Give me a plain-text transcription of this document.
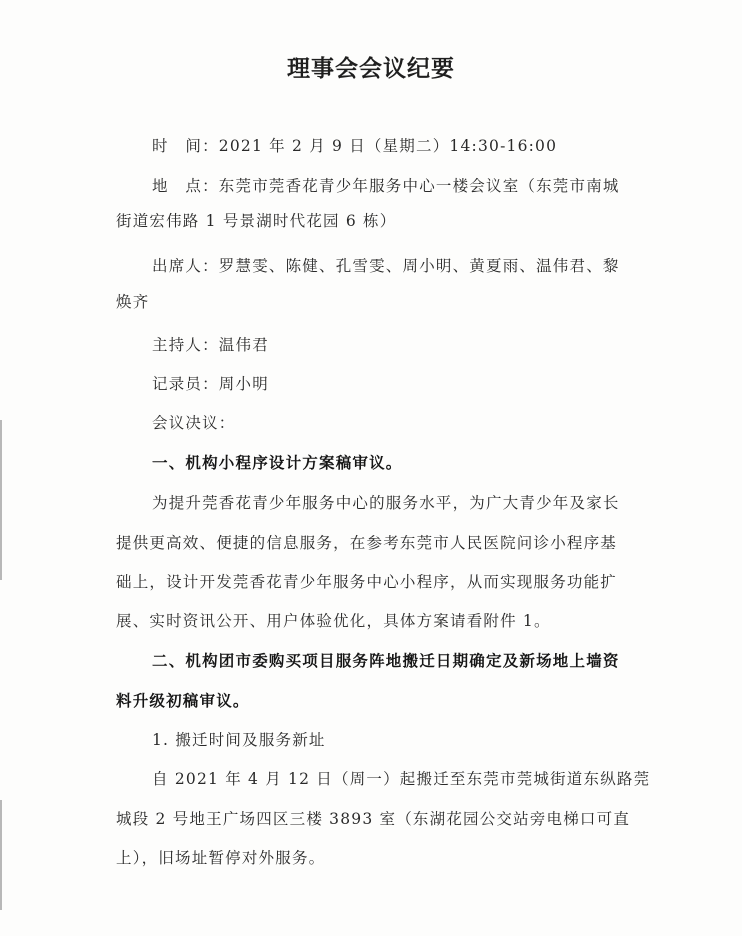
理事会会议纪要
时　间：2021 年 2 月 9 日（星期二）14:30-16:00
地　点：东莞市莞香花青少年服务中心一楼会议室（东莞市南城
街道宏伟路 1 号景湖时代花园 6 栋）
出席人：罗慧雯、陈健、孔雪雯、周小明、黄夏雨、温伟君、黎
焕齐
主持人：温伟君
记录员：周小明
会议决议：
一、机构小程序设计方案稿审议。
为提升莞香花青少年服务中心的服务水平，为广大青少年及家长
提供更高效、便捷的信息服务，在参考东莞市人民医院问诊小程序基
础上，设计开发莞香花青少年服务中心小程序，从而实现服务功能扩
展、实时资讯公开、用户体验优化，具体方案请看附件 1。
二、机构团市委购买项目服务阵地搬迁日期确定及新场地上墙资
料升级初稿审议。
1. 搬迁时间及服务新址
自 2021 年 4 月 12 日（周一）起搬迁至东莞市莞城街道东纵路莞
城段 2 号地王广场四区三楼 3893 室（东湖花园公交站旁电梯口可直
上），旧场址暂停对外服务。
